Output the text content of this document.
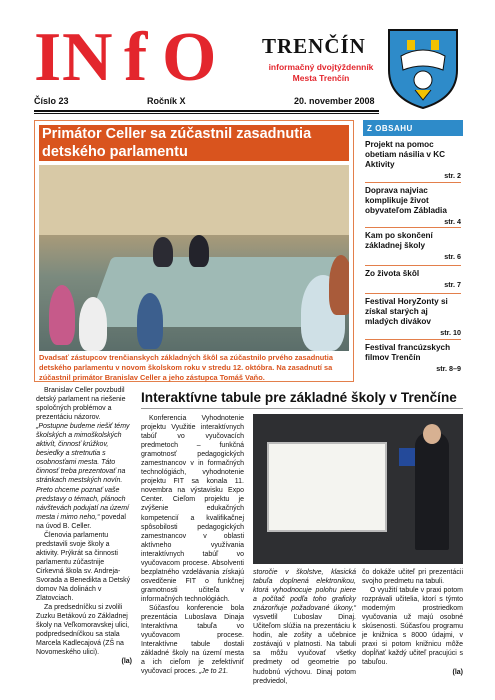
I
N f O TRENČÍN
informačný dvojtýždenník
Mesta Trenčín
Číslo 23	Ročník X	20. november 2008
Primátor Celler sa zúčastnil zasadnutia detského parlamentu
Dvadsať zástupcov trenčianskych základných škôl sa zúčastnilo prvého zasadnutia detského parlamentu v novom školskom roku v stredu 12. októbra. Na zasadnutí sa zúčastnil primátor Branislav Celler a jeho zástupca Tomáš Vaňo.
Z OBSAHU
Projekt na pomoc obetiam násilia v KC Aktivity
str. 2
Doprava najviac komplikuje život obyvateľom Zábladia
str. 4
Kam po skončení základnej školy
str. 6
Zo života škôl
str. 7
Festival HoryZonty si získal starých aj mladých divákov
str. 10
Festival francúzskych filmov Trenčín
str. 8–9

Branislav Celler povzbudil detský parlament na riešenie spoločných problémov a prezentáciu názorov. „Postupne budeme riešiť témy školských a mimoškolských aktivít, činnosť krúžkov, besiedky a stretnutia s osobnosťami mesta. Táto činnosť treba prezentovať na stránkach mestských novín. Preto chceme poznať vaše predstavy o témach, plánoch návštevách podujatí na území mesta i mimo neho,“ povedal na úvod B. Celler.

Členovia parlamentu predstavili svoje školy a aktivity. Prýkrát sa činnosti parlamentu zúčastnije Cirkevná škola sv. Andreja-Svorada a Benedikta a Detský domov Na dolinách v Zlatovciach.

Za predsedníčku si zvolili Zuzku Betákovú zo Základnej školy na Veľkomoravskej ulici, podpredsedníčkou sa stala Marcela Kadlecajová (ZŠ na Novomeského ulici).

(la)

Interaktívne tabule pre základné školy v Trenčíne

Konferencia Vyhodnotenie projektu Využitie interaktívnych tabúľ vo vyučovacích predmetoch – funkčná gramotnosť pedagogických zamestnancov v in formačných technológiách, vyhodnotenie projektu FIT sa konala 11. novembra na výstavisku Expo Center. Cieľom projektu je zvýšenie edukačných kompetencií a kvalifikačnej spôsobilosti pedagogických zamestnancov v oblasti aktívneho využívania interaktívnych tabúľ vo vyučovacom procese. Absolventi bezplatného vzdelávania získajú osvedčenie FIT o funkčnej gramotnosti učiteľa v informačných technológiách.

Súčasťou konferencie bola prezentácia Luboslava Dinaja Interaktívna tabuľa vo vyučovacom procese. Interaktívne tabule dostali základné školy na území mesta a ich cieľom je zefektívniť vyučovací proces. „Je to 21.

storočie v školstve, klasická tabuľa doplnená elektronikou, ktorá vyhodnocuje polohu piere a počítač podľa toho graficky znázorňuje požadované úkony,“ vysvetlil Ľuboslav Dinaj. Učiteľom slúžia na prezentáciu k hodin, ale zošity a učebnice zostávajú v platnosti. Na tabuli sa môžu vyučovať všetky predmety od geometrie po hudobnú výchovu. Dinaj potom predviedol,

čo dokáže učiteľ pri prezentácii svojho predmetu na tabuli.

O využití tabule v praxi potom rozprávali učitelia, ktorí s týmto moderným prostriedkom vyučovania už majú osobné skúsenosti. Súčasťou programu je knižnica s 8000 údajmi, v praxi si potom knižnicu môže dopĺňať každý učiteľ pracujúci s tabuľou.

(la)
